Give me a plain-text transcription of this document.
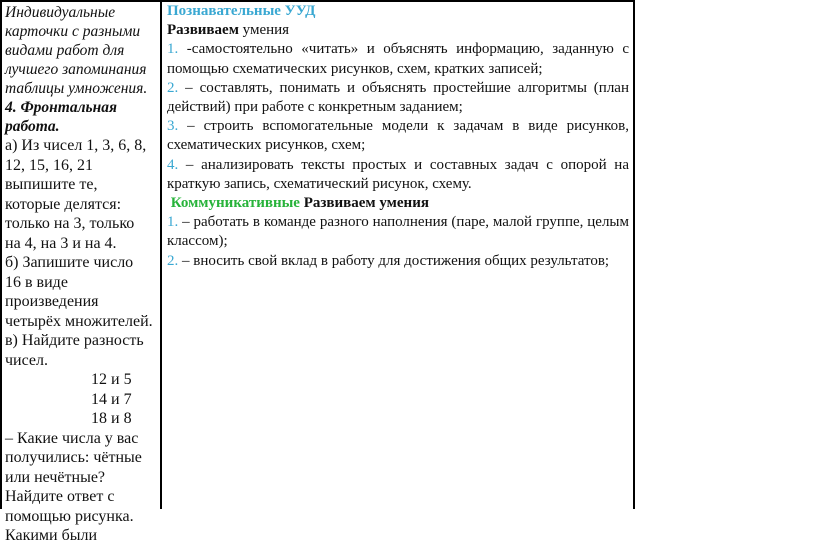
Индивидуальные
карточки с разными
видами работ для
лучшего запоминания
таблицы умножения.
4. Фронтальная
работа.
а) Из чисел 1, 3, 6, 8,
12, 15, 16, 21
выпишите те,
которые делятся:
только на 3, только
на 4, на 3 и на 4.
б) Запишите число
16 в виде
произведения
четырёх множителей.
в) Найдите разность
чисел.
12 и 5
14 и 7
18 и 8
– Какие числа у вас
получились: чётные
или нечётные?
Найдите ответ с
помощью рисунка.
Какими были

Познавательные УУД

Развиваем умения

1. -самостоятельно «читать» и объяснять информацию, заданную с помощью схематических рисунков, схем, кратких записей;

2. – составлять, понимать и объяснять простейшие алгоритмы (план действий) при работе с конкретным заданием;

3. – строить вспомогательные модели к задачам в виде рисунков, схематических рисунков, схем;

4. – анализировать тексты простых и составных задач с опорой на краткую запись, схематический рисунок, схему.

Коммуникативные Развиваем умения

1. – работать в команде разного наполнения (паре, малой группе, целым классом);

2. – вносить свой вклад в работу для достижения общих результатов;
